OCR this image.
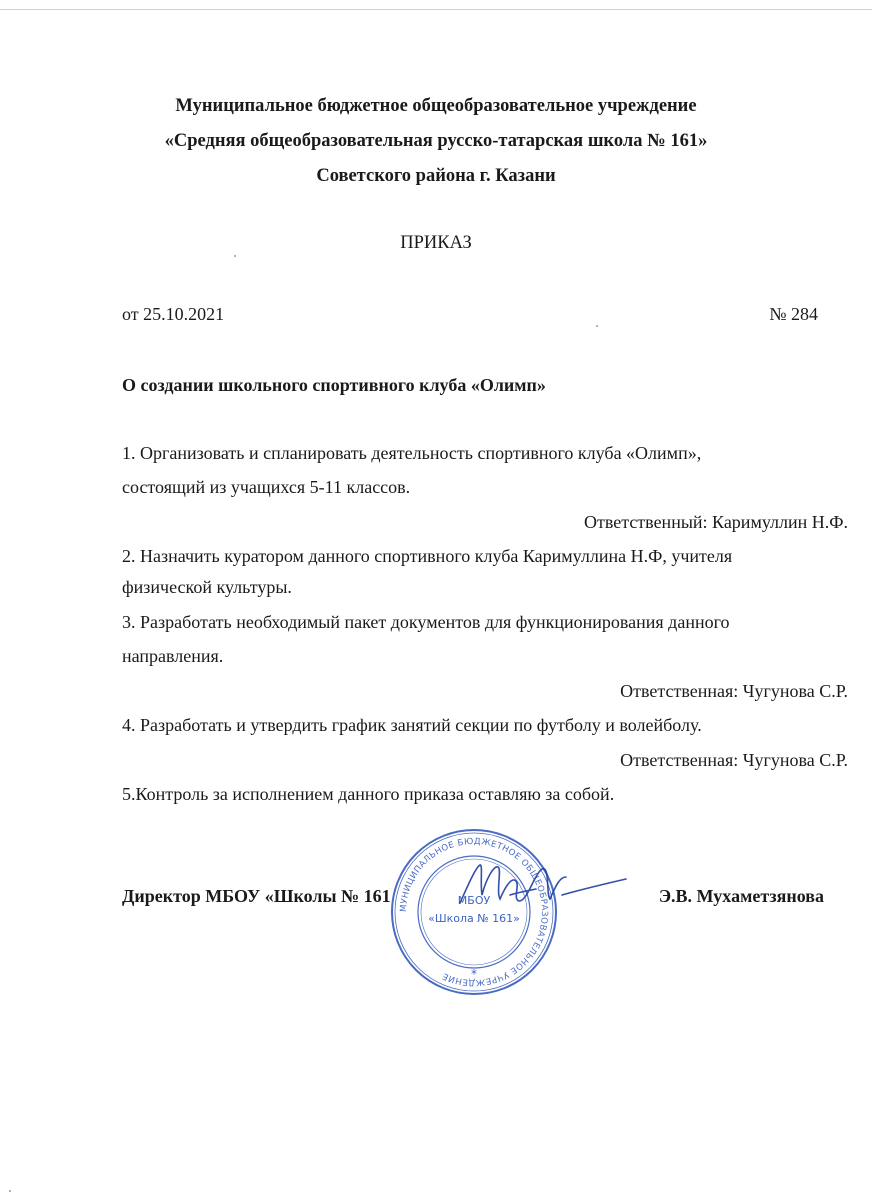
Муниципальное бюджетное общеобразовательное учреждение
«Средняя общеобразовательная русско-татарская школа № 161»
Советского района г. Казани
ПРИКАЗ
от 25.10.2021	№ 284
О создании школьного спортивного клуба «Олимп»
1. Организовать и спланировать деятельность спортивного клуба «Олимп»,
состоящий из учащихся 5-11 классов.
Ответственный: Каримуллин Н.Ф.
2. Назначить куратором данного спортивного клуба Каримуллина Н.Ф, учителя
физической культуры.
3. Разработать необходимый пакет документов для функционирования данного
направления.
Ответственная: Чугунова С.Р.
4. Разработать и утвердить график занятий секции по футболу и волейболу.
Ответственная: Чугунова С.Р.
5.Контроль за исполнением данного приказа оставляю за собой.
Директор МБОУ «Школы № 161	Э.В. Мухаметзянова
МУНИЦИПАЛЬНОЕ БЮДЖЕТНОЕ ОБЩЕОБРАЗОВАТЕЛЬНОЕ УЧРЕЖДЕНИЕ
МБОУ
«Школа № 161»
*
